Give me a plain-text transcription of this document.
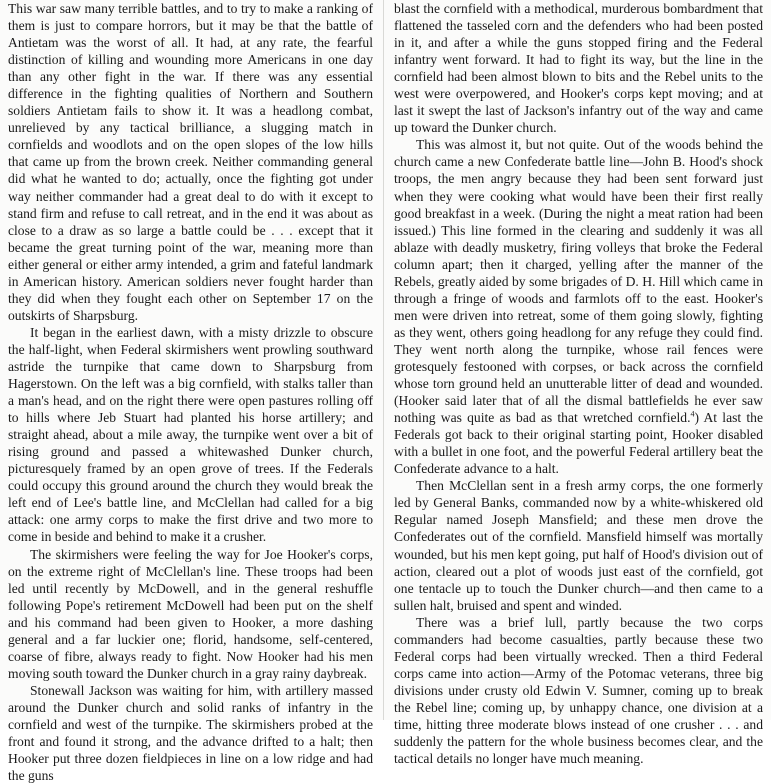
This war saw many terrible battles, and to try to make a ranking of them is just to compare horrors, but it may be that the battle of Antietam was the worst of all. It had, at any rate, the fearful distinction of killing and wounding more Americans in one day than any other fight in the war. If there was any essential difference in the fighting qualities of Northern and Southern soldiers Antietam fails to show it. It was a headlong combat, unrelieved by any tactical brilliance, a slugging match in cornfields and woodlots and on the open slopes of the low hills that came up from the brown creek. Neither commanding general did what he wanted to do; actually, once the fighting got under way neither commander had a great deal to do with it except to stand firm and refuse to call retreat, and in the end it was about as close to a draw as so large a battle could be . . . except that it became the great turning point of the war, meaning more than either general or either army intended, a grim and fateful landmark in American history. American soldiers never fought harder than they did when they fought each other on September 17 on the outskirts of Sharpsburg.

It began in the earliest dawn, with a misty drizzle to obscure the half-light, when Federal skirmishers went prowling southward astride the turnpike that came down to Sharpsburg from Hagerstown. On the left was a big cornfield, with stalks taller than a man's head, and on the right there were open pastures rolling off to hills where Jeb Stuart had planted his horse artillery; and straight ahead, about a mile away, the turnpike went over a bit of rising ground and passed a whitewashed Dunker church, picturesquely framed by an open grove of trees. If the Federals could occupy this ground around the church they would break the left end of Lee's battle line, and McClellan had called for a big attack: one army corps to make the first drive and two more to come in beside and behind to make it a crusher.

The skirmishers were feeling the way for Joe Hooker's corps, on the extreme right of McClellan's line. These troops had been led until recently by McDowell, and in the general reshuffle following Pope's retirement McDowell had been put on the shelf and his command had been given to Hooker, a more dashing general and a far luckier one; florid, handsome, self-centered, coarse of fibre, always ready to fight. Now Hooker had his men moving south toward the Dunker church in a gray rainy daybreak.

Stonewall Jackson was waiting for him, with artillery massed around the Dunker church and solid ranks of infantry in the cornfield and west of the turnpike. The skirmishers probed at the front and found it strong, and the advance drifted to a halt; then Hooker put three dozen fieldpieces in line on a low ridge and had the guns

blast the cornfield with a methodical, murderous bombardment that flattened the tasseled corn and the defenders who had been posted in it, and after a while the guns stopped firing and the Federal infantry went forward. It had to fight its way, but the line in the cornfield had been almost blown to bits and the Rebel units to the west were overpowered, and Hooker's corps kept moving; and at last it swept the last of Jackson's infantry out of the way and came up toward the Dunker church.

This was almost it, but not quite. Out of the woods behind the church came a new Confederate battle line—John B. Hood's shock troops, the men angry because they had been sent forward just when they were cooking what would have been their first really good breakfast in a week. (During the night a meat ration had been issued.) This line formed in the clearing and suddenly it was all ablaze with deadly musketry, firing volleys that broke the Federal column apart; then it charged, yelling after the manner of the Rebels, greatly aided by some brigades of D. H. Hill which came in through a fringe of woods and farmlots off to the east. Hooker's men were driven into retreat, some of them going slowly, fighting as they went, others going headlong for any refuge they could find. They went north along the turnpike, whose rail fences were grotesquely festooned with corpses, or back across the cornfield whose torn ground held an unutterable litter of dead and wounded. (Hooker said later that of all the dismal battlefields he ever saw nothing was quite as bad as that wretched cornfield.$^4$) At last the Federals got back to their original starting point, Hooker disabled with a bullet in one foot, and the powerful Federal artillery beat the Confederate advance to a halt.

Then McClellan sent in a fresh army corps, the one formerly led by General Banks, commanded now by a white-whiskered old Regular named Joseph Mansfield; and these men drove the Confederates out of the cornfield. Mansfield himself was mortally wounded, but his men kept going, put half of Hood's division out of action, cleared out a plot of woods just east of the cornfield, got one tentacle up to touch the Dunker church—and then came to a sullen halt, bruised and spent and winded.

There was a brief lull, partly because the two corps commanders had become casualties, partly because these two Federal corps had been virtually wrecked. Then a third Federal corps came into action—Army of the Potomac veterans, three big divisions under crusty old Edwin V. Sumner, coming up to break the Rebel line; coming up, by unhappy chance, one division at a time, hitting three moderate blows instead of one crusher . . . and suddenly the pattern for the whole business becomes clear, and the tactical details no longer have much meaning.
